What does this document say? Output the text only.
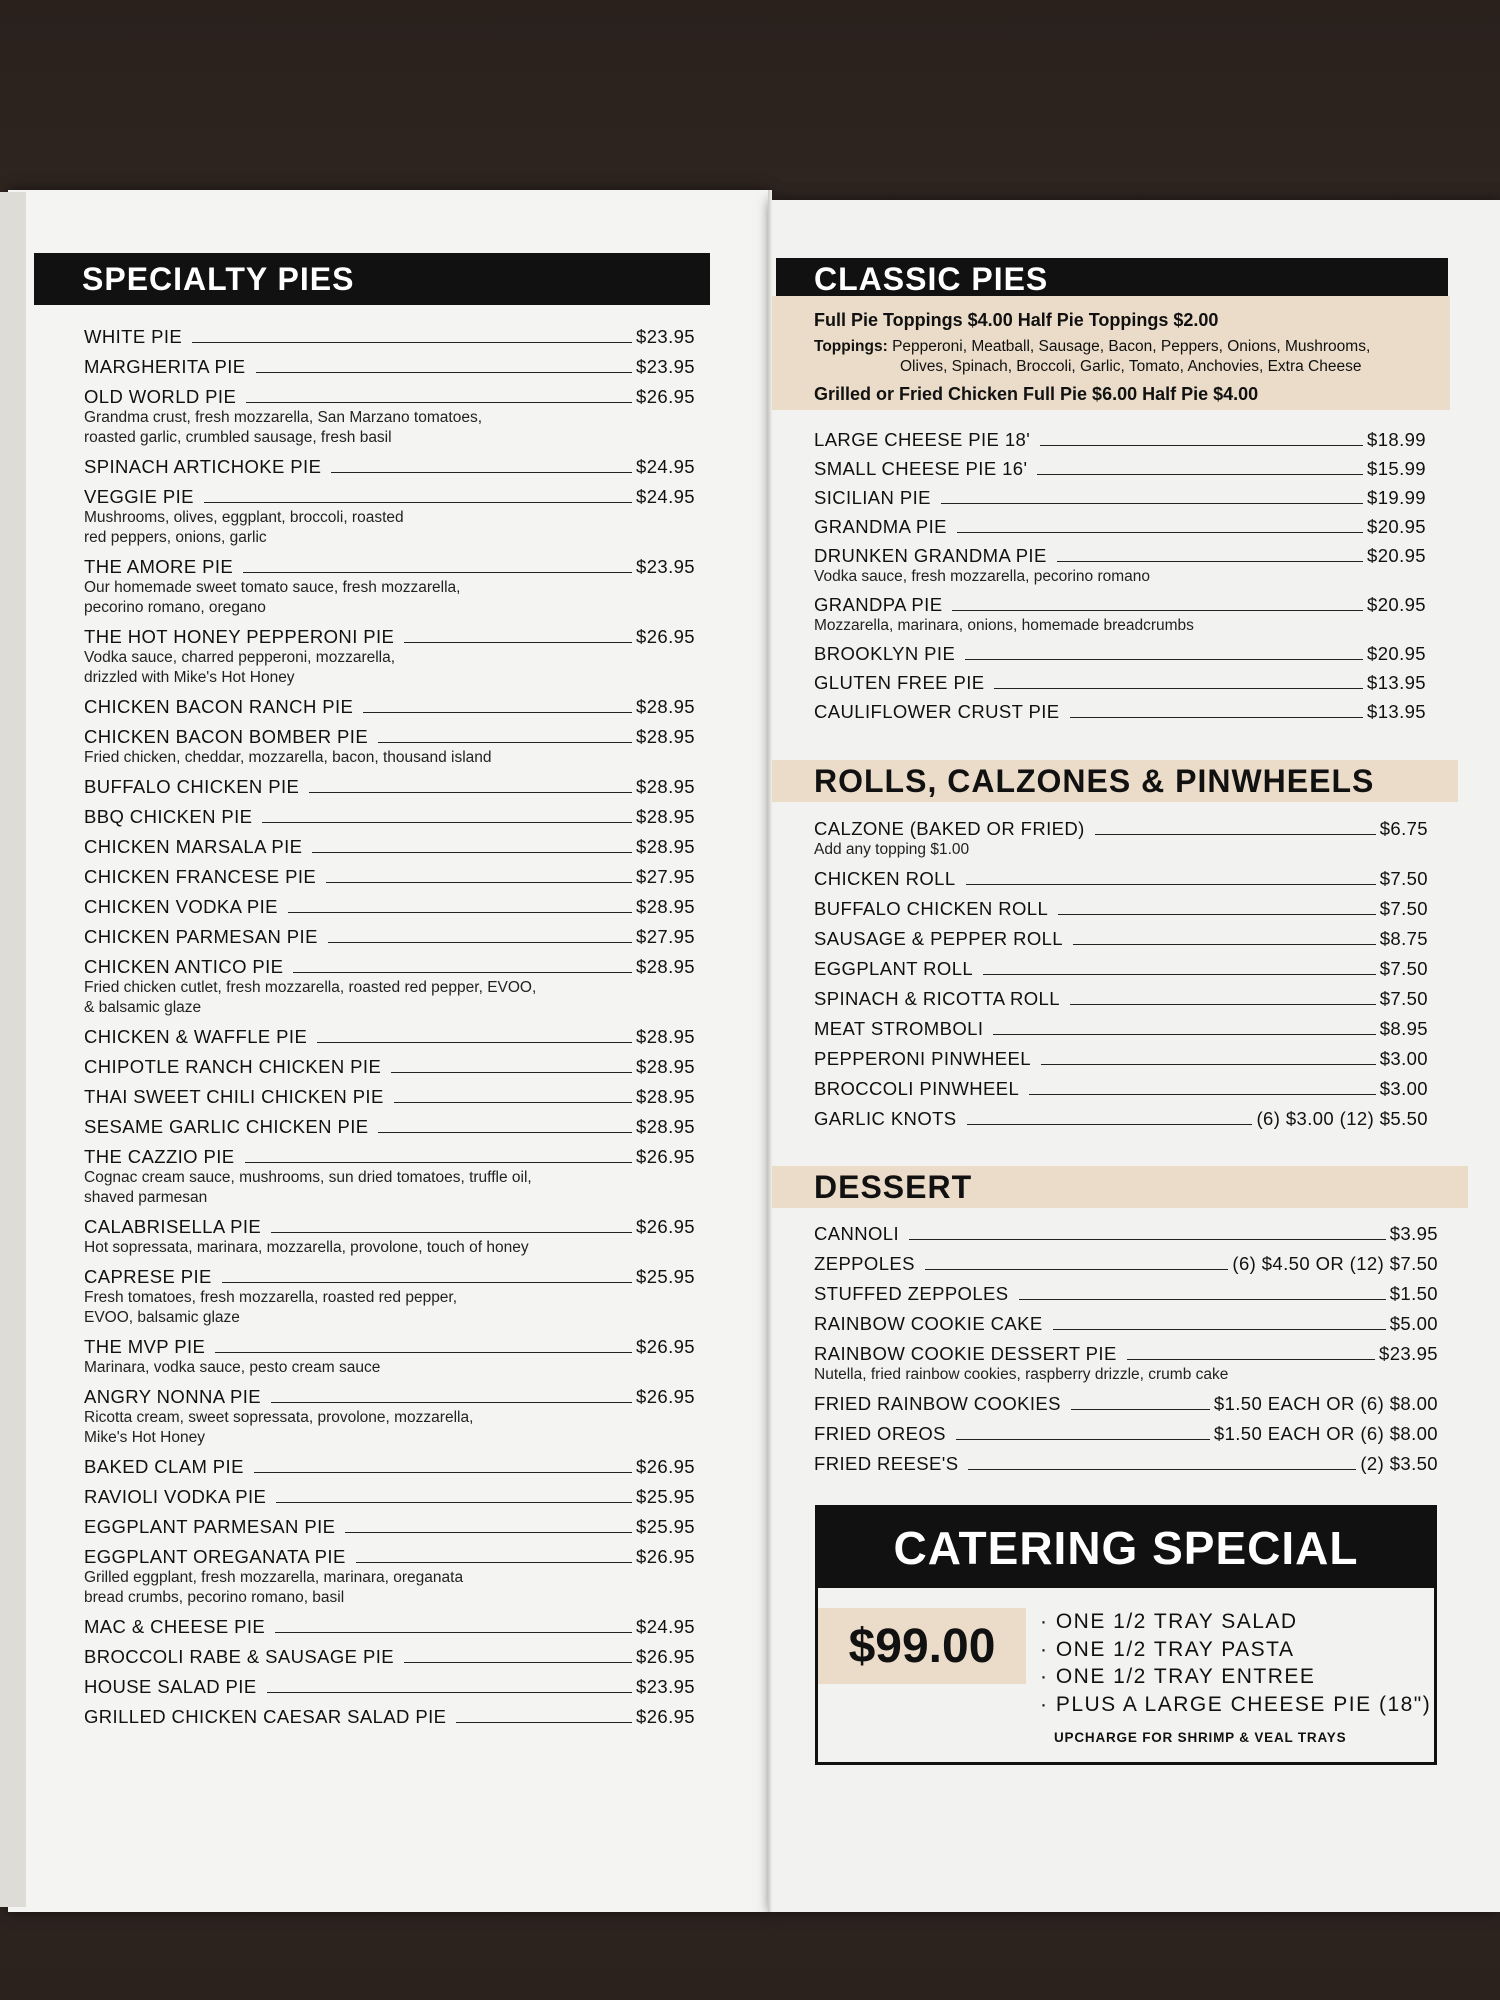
SPECIALTY PIES
WHITE PIE	$23.95
MARGHERITA PIE	$23.95
OLD WORLD PIE	$26.95
Grandma crust, fresh mozzarella, San Marzano tomatoes,
roasted garlic, crumbled sausage, fresh basil
SPINACH ARTICHOKE PIE	$24.95
VEGGIE PIE	$24.95
Mushrooms, olives, eggplant, broccoli, roasted
red peppers, onions, garlic
THE AMORE PIE	$23.95
Our homemade sweet tomato sauce, fresh mozzarella,
pecorino romano, oregano
THE HOT HONEY PEPPERONI PIE	$26.95
Vodka sauce, charred pepperoni, mozzarella,
drizzled with Mike's Hot Honey
CHICKEN BACON RANCH PIE	$28.95
CHICKEN BACON BOMBER PIE	$28.95
Fried chicken, cheddar, mozzarella, bacon, thousand island
BUFFALO CHICKEN PIE	$28.95
BBQ CHICKEN PIE	$28.95
CHICKEN MARSALA PIE	$28.95
CHICKEN FRANCESE PIE	$27.95
CHICKEN VODKA PIE	$28.95
CHICKEN PARMESAN PIE	$27.95
CHICKEN ANTICO PIE	$28.95
Fried chicken cutlet, fresh mozzarella, roasted red pepper, EVOO,
& balsamic glaze
CHICKEN & WAFFLE PIE	$28.95
CHIPOTLE RANCH CHICKEN PIE	$28.95
THAI SWEET CHILI CHICKEN PIE	$28.95
SESAME GARLIC CHICKEN PIE	$28.95
THE CAZZIO PIE	$26.95
Cognac cream sauce, mushrooms, sun dried tomatoes, truffle oil,
shaved parmesan
CALABRISELLA PIE	$26.95
Hot sopressata, marinara, mozzarella, provolone, touch of honey
CAPRESE PIE	$25.95
Fresh tomatoes, fresh mozzarella, roasted red pepper,
EVOO, balsamic glaze
THE MVP PIE	$26.95
Marinara, vodka sauce, pesto cream sauce
ANGRY NONNA PIE	$26.95
Ricotta cream, sweet sopressata, provolone, mozzarella,
Mike's Hot Honey
BAKED CLAM PIE	$26.95
RAVIOLI VODKA PIE	$25.95
EGGPLANT PARMESAN PIE	$25.95
EGGPLANT OREGANATA PIE	$26.95
Grilled eggplant, fresh mozzarella, marinara, oreganata
bread crumbs, pecorino romano, basil
MAC & CHEESE PIE	$24.95
BROCCOLI RABE & SAUSAGE PIE	$26.95
HOUSE SALAD PIE	$23.95
GRILLED CHICKEN CAESAR SALAD PIE	$26.95
CLASSIC PIES
Full Pie Toppings $4.00 Half Pie Toppings $2.00
Toppings: Pepperoni, Meatball, Sausage, Bacon, Peppers, Onions, Mushrooms,
Olives, Spinach, Broccoli, Garlic, Tomato, Anchovies, Extra Cheese
Grilled or Fried Chicken Full Pie $6.00 Half Pie $4.00
LARGE CHEESE PIE 18'	$18.99
SMALL CHEESE PIE 16'	$15.99
SICILIAN PIE	$19.99
GRANDMA PIE	$20.95
DRUNKEN GRANDMA PIE	$20.95
Vodka sauce, fresh mozzarella, pecorino romano
GRANDPA PIE	$20.95
Mozzarella, marinara, onions, homemade breadcrumbs
BROOKLYN PIE	$20.95
GLUTEN FREE PIE	$13.95
CAULIFLOWER CRUST PIE	$13.95
ROLLS, CALZONES & PINWHEELS
CALZONE (BAKED OR FRIED)	$6.75
Add any topping $1.00
CHICKEN ROLL	$7.50
BUFFALO CHICKEN ROLL	$7.50
SAUSAGE & PEPPER ROLL	$8.75
EGGPLANT ROLL	$7.50
SPINACH & RICOTTA ROLL	$7.50
MEAT STROMBOLI	$8.95
PEPPERONI PINWHEEL	$3.00
BROCCOLI PINWHEEL	$3.00
GARLIC KNOTS	(6) $3.00 (12) $5.50
DESSERT
CANNOLI	$3.95
ZEPPOLES	(6) $4.50 OR (12) $7.50
STUFFED ZEPPOLES	$1.50
RAINBOW COOKIE CAKE	$5.00
RAINBOW COOKIE DESSERT PIE	$23.95
Nutella, fried rainbow cookies, raspberry drizzle, crumb cake
FRIED RAINBOW COOKIES	$1.50 EACH OR (6) $8.00
FRIED OREOS	$1.50 EACH OR (6) $8.00
FRIED REESE'S	(2) $3.50
CATERING SPECIAL
$99.00	· ONE 1/2 TRAY SALAD
· ONE 1/2 TRAY PASTA
· ONE 1/2 TRAY ENTREE
· PLUS A LARGE CHEESE PIE (18")
UPCHARGE FOR SHRIMP & VEAL TRAYS
